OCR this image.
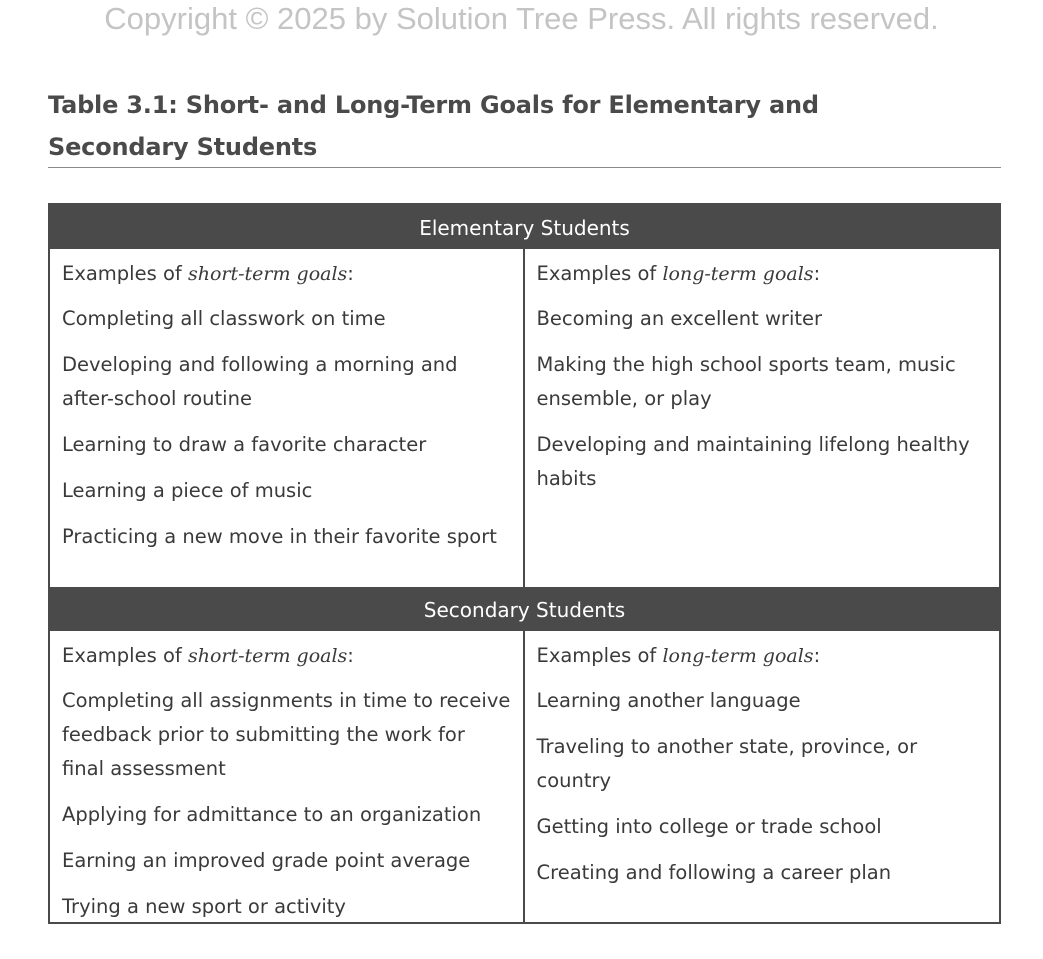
Copyright © 2025 by Solution Tree Press. All rights reserved.
Table 3.1: Short- and Long-Term Goals for Elementary and
Secondary Students
Elementary Students
Examples of short-term goals:
Completing all classwork on time
Developing and following a morning and after-school routine
Learning to draw a favorite character
Learning a piece of music
Practicing a new move in their favorite sport
Examples of long-term goals:
Becoming an excellent writer
Making the high school sports team, music ensemble, or play
Developing and maintaining lifelong healthy habits
Secondary Students
Examples of short-term goals:
Completing all assignments in time to receive feedback prior to submitting the work for final assessment
Applying for admittance to an organization
Earning an improved grade point average
Trying a new sport or activity
Examples of long-term goals:
Learning another language
Traveling to another state, province, or country
Getting into college or trade school
Creating and following a career plan
